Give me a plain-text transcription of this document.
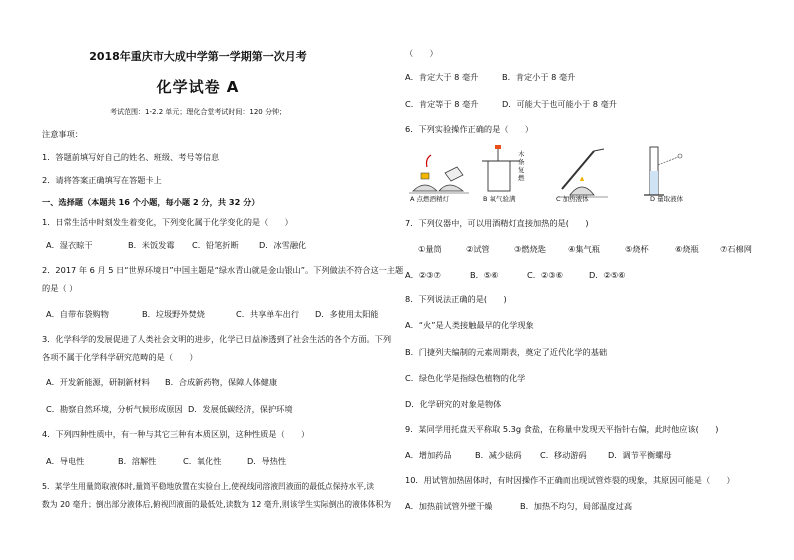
2018年重庆市大成中学第一学期第一次月考
化学试卷 A
考试范围：1-2.2 单元；理化合堂考试时间：120 分钟；
注意事项：
1．答题前填写好自己的姓名、班级、考号等信息
2．请将答案正确填写在答题卡上
一、选择题（本题共 16 个小题，每小题 2 分，共 32 分）
1．日常生活中时刻发生着变化，下列变化属于化学变化的是（　　）
A．湿衣晾干	B．米饭发霉 C．铅笔折断 D．冰雪融化
2．2017 年 6 月 5 日“世界环境日”中国主题是“绿水青山就是金山银山”。下列做法不符合这一主题
的是（ ）
A．自带布袋购物	B．垃圾野外焚烧	C．共享单车出行 D．多使用太阳能
3．化学科学的发展促进了人类社会文明的进步，化学已日益渗透到了社会生活的各个方面。下列
各项不属于化学科学研究范畴的是（　　）
A．开发新能源，研制新材料 B．合成新药物，保障人体健康
C．勘察自然环境，分析气候形成原因 D．发展低碳经济，保护环境
4．下列四种性质中，有一种与其它三种有本质区别，这种性质是（　　）
A．导电性	B．溶解性	C．氧化性	D．导热性
5．某学生用量筒取液体时,量筒平稳地放置在实验台上,使视线同溶液凹液面的最低点保持水平,读
数为 20 毫升；倒出部分液体后,俯视凹液面的最低处,读数为 12 毫升,则该学生实际倒出的液体体积为
（　　）
A．肯定大于 8 毫升	B．肯定小于 8 毫升
C．肯定等于 8 毫升	D．可能大于也可能小于 8 毫升
6．下列实验操作正确的是（　　）
A 点燃酒精灯
木
条
复
燃
B 氧气验满	C 加热液体	D 量取液体
7．下列仪器中，可以用酒精灯直接加热的是(　　)
①量筒	②试管	③燃烧匙	④集气瓶	⑤烧杯	⑥烧瓶	⑦石棉网
A．②③⑦	B．⑤⑥	C．②③⑥	D．②⑤⑥
8．下列说法正确的是(　　)
A．“火”是人类接触最早的化学现象
B．门捷列夫编制的元素周期表，奠定了近代化学的基础
C．绿色化学是指绿色植物的化学
D．化学研究的对象是物体
9．某同学用托盘天平称取 5.3g 食盐，在称量中发现天平指针右偏，此时他应该(　　)
A．增加药品	B．减少砝码 C．移动游码	D．调节平衡螺母
10．用试管加热固体时，有时因操作不正确而出现试管炸裂的现象，其原因可能是（　　）
A．加热前试管外壁干燥	B．加热不均匀，局部温度过高
